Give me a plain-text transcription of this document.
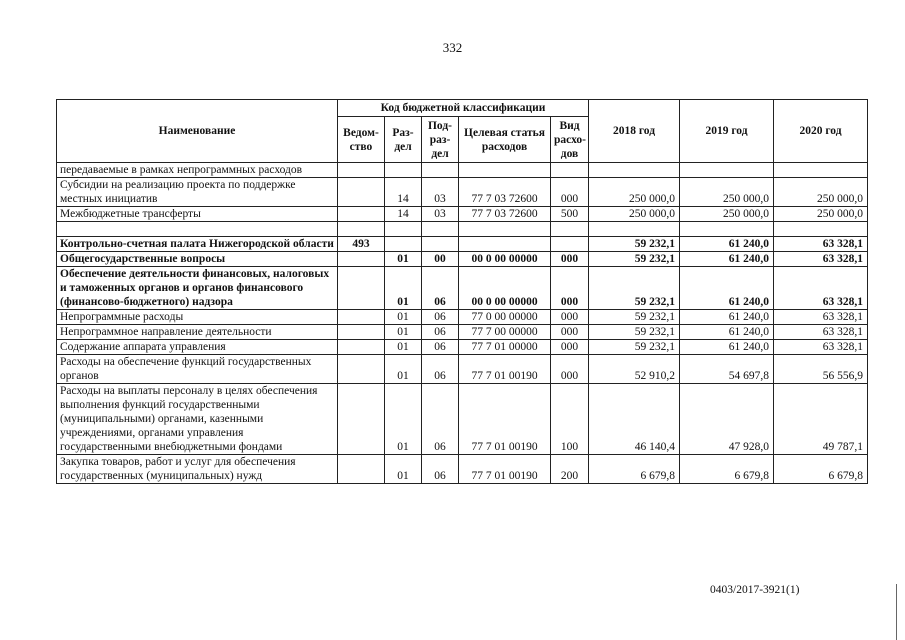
332
Наименование	Код бюджетной классификации					2018 год	2019 год	2020 год
	Ведом-ство	Раз-дел	Под-раз-дел	Целевая статья расходов	Вид расхо-дов			
передаваемые в рамках непрограммных расходов								
Субсидии на реализацию проекта по поддержке местных инициатив		14	03	77 7 03 72600	000	250 000,0	250 000,0	250 000,0
Межбюджетные трансферты		14	03	77 7 03 72600	500	250 000,0	250 000,0	250 000,0

Контрольно-счетная палата Нижегородской области	493					59 232,1	61 240,0	63 328,1
Общегосударственные вопросы		01	00	00 0 00 00000	000	59 232,1	61 240,0	63 328,1
Обеспечение деятельности финансовых, налоговых и таможенных органов и органов финансового (финансово-бюджетного) надзора		01	06	00 0 00 00000	000	59 232,1	61 240,0	63 328,1
Непрограммные расходы		01	06	77 0 00 00000	000	59 232,1	61 240,0	63 328,1
Непрограммное направление деятельности		01	06	77 7 00 00000	000	59 232,1	61 240,0	63 328,1
Содержание аппарата управления		01	06	77 7 01 00000	000	59 232,1	61 240,0	63 328,1
Расходы на обеспечение функций государственных органов		01	06	77 7 01 00190	000	52 910,2	54 697,8	56 556,9
Расходы на выплаты персоналу в целях обеспечения выполнения функций государственными (муниципальными) органами, казенными учреждениями, органами управления государственными внебюджетными фондами		01	06	77 7 01 00190	100	46 140,4	47 928,0	49 787,1
Закупка товаров, работ и услуг для обеспечения государственных (муниципальных) нужд		01	06	77 7 01 00190	200	6 679,8	6 679,8	6 679,8
0403/2017-3921(1)
